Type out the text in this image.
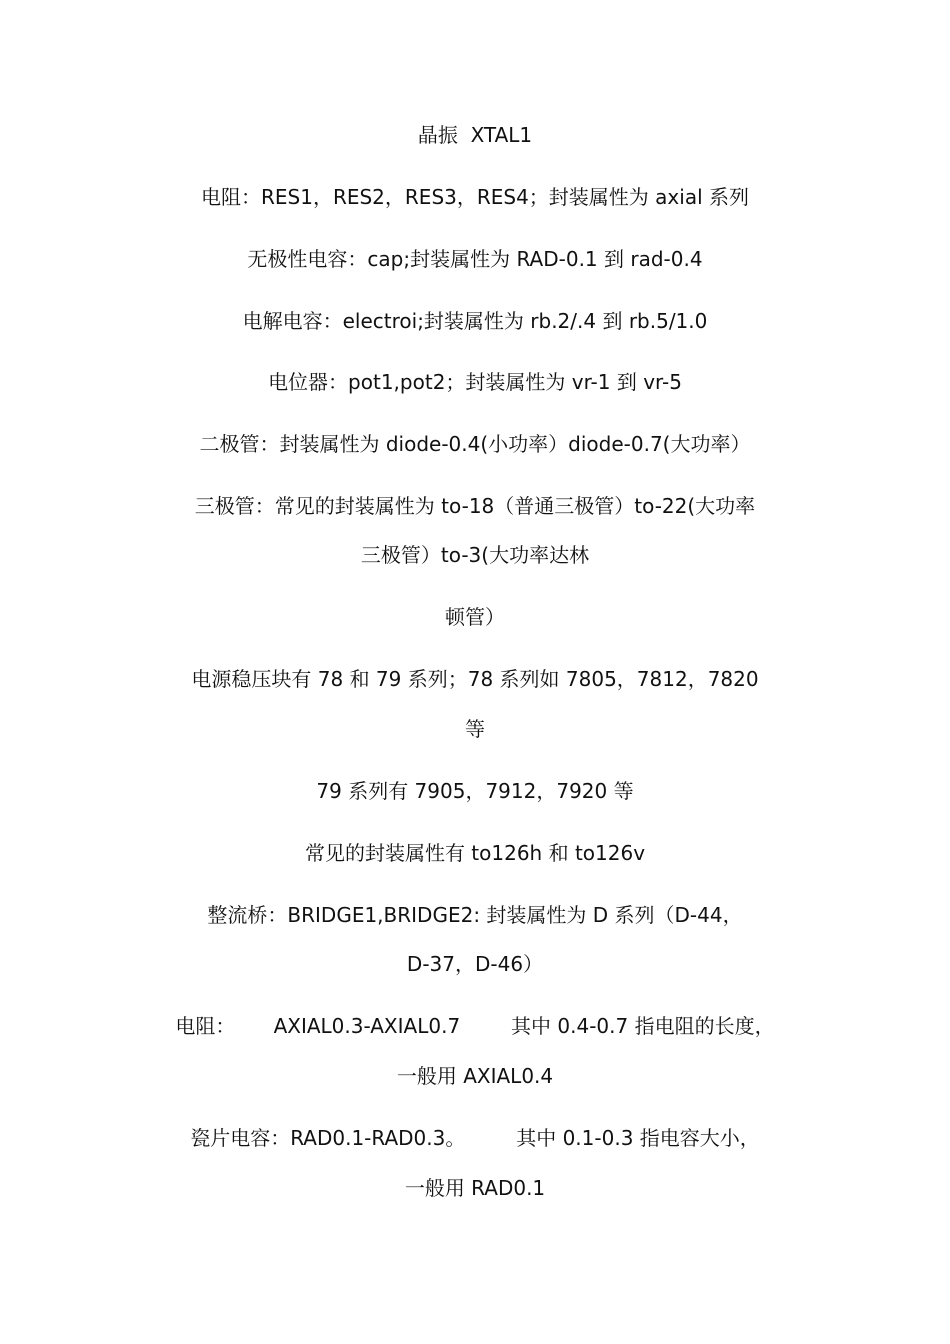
晶振  XTAL1
电阻：RES1，RES2，RES3，RES4；封装属性为 axial 系列
无极性电容：cap;封装属性为 RAD-0.1 到 rad-0.4
电解电容：electroi;封装属性为 rb.2/.4 到 rb.5/1.0
电位器：pot1,pot2；封装属性为 vr-1 到 vr-5
二极管：封装属性为 diode-0.4(小功率）diode-0.7(大功率）
三极管：常见的封装属性为 to-18（普通三极管）to-22(大功率
三极管）to-3(大功率达林
顿管）
电源稳压块有 78 和 79 系列；78 系列如 7805，7812，7820
等
79 系列有 7905，7912，7920 等
常见的封装属性有 to126h 和 to126v
整流桥：BRIDGE1,BRIDGE2: 封装属性为 D 系列（D-44，
D-37，D-46）
电阻：      AXIAL0.3-AXIAL0.7        其中 0.4-0.7 指电阻的长度，
一般用 AXIAL0.4
瓷片电容：RAD0.1-RAD0.3。        其中 0.1-0.3 指电容大小，
一般用 RAD0.1
